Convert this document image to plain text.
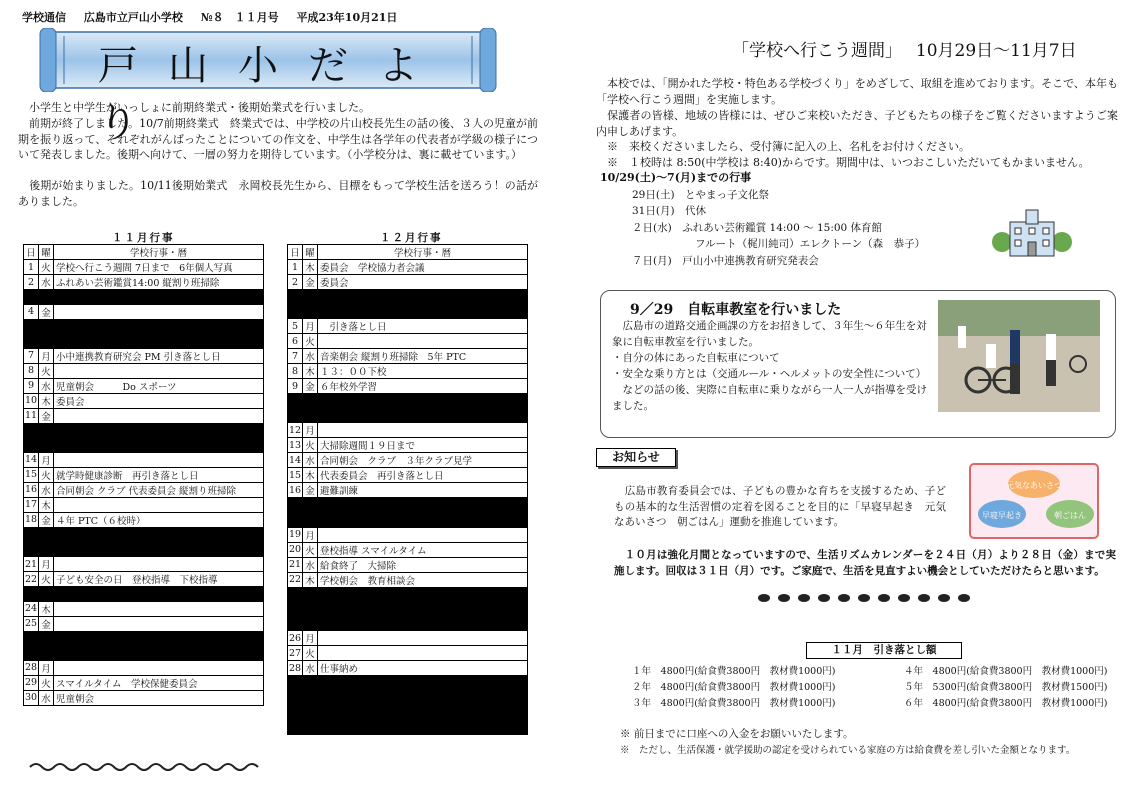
学校通信 広島市立戸山小学校 №８　１１月号 平成23年10月21日
戸山小だより

　小学生と中学生がいっしょに前期終業式・後期始業式を行いました。

　前期が終了しました。10/7前期終業式　終業式では、中学校の片山校長先生の話の後、３人の児童が前期を振り返って、それぞれがんばったことについての作文を、中学生は各学年の代表者が学級の様子について発表しました。後期へ向けて、一層の努力を期待しています。（小学校分は、裏に載せています。）

　後期が始まりました。10/11後期始業式　永岡校長先生から、目標をもって学校生活を送ろう！の話がありました。

１１月行事	１２月行事
日	曜	学校行事・暦
1	火	学校へ行こう週間 7日まで　6年個人写真
2	水	ふれあい芸術鑑賞14:00 縦割り班掃除

4	金	

7	月	小中連携教育研究会 PM 引き落とし日
8	火	
9	水	児童朝会　　　Do スポーツ
10	木	委員会
11	金	

14	月	
15	火	就学時健康診断　再引き落とし日
16	水	合同朝会 クラブ 代表委員会 縦割り班掃除
17	木	
18	金	４年 PTC（６校時）

21	月	
22	火	子ども安全の日　登校指導　下校指導

24	木	
25	金	

28	月	
29	火	スマイルタイム　学校保健委員会
30	水	児童朝会
日	曜	学校行事・暦
1	木	委員会　学校協力者会議
2	金	委員会

5	月	　引き落とし日
6	火	
7	水	音楽朝会 縦割り班掃除　5年 PTC
8	木	１３：００下校
9	金	６年校外学習

12	月	
13	火	大掃除週間１９日まで
14	水	合同朝会　クラブ　３年クラブ見学
15	木	代表委員会　再引き落とし日
16	金	避難訓練

19	月	
20	火	登校指導 スマイルタイム
21	水	給食終了　大掃除
22	木	学校朝会　教育相談会

26	月	
27	火	
28	水	仕事納め

「学校へ行こう週間」　 10月29日～11月7日

　本校では、「開かれた学校・特色ある学校づくり」をめざして、取組を進めております。そこで、本年も「学校へ行こう週間」を実施します。

　保護者の皆様、地域の皆様には、ぜひご来校いただき、子どもたちの様子をご覧くださいますようご案内申しあげます。

　※　来校くださいましたら、受付簿に記入の上、名札をお付けください。

　※　１校時は 8:50(中学校は 8:40)からです。期間中は、いつおこしいただいてもかまいません。

10/29(土)～7(月)までの行事
29日(土)　とやまっ子文化祭
31日(月)　代休
２日(水)　ふれあい芸術鑑賞 14:00 ～ 15:00 体育館
　　　　　　フルート（梶川純司）エレクトーン（森　恭子）
７日(月)　戸山小中連携教育研究発表会
9／29　自転車教室を行いました
　広島市の道路交通企画課の方をお招きして、３年生～６年生を対象に自転車教室を行いました。
・自分の体にあった自転車について
・安全な乗り方とは（交通ルール・ヘルメットの安全性について）
　などの話の後、実際に自転車に乗りながら一人一人が指導を受けました。
お知らせ

　広島市教育委員会では、子どもの豊かな育ちを支援するため、子どもの基本的な生活習慣の定着を図ることを目的に「早寝早起き　元気なあいさつ　朝ごはん」運動を推進しています。

　１０月は強化月間となっていますので、生活リズムカレンダーを２４日（月）より２８日（金）まで実施します。回収は３１日（月）です。ご家庭で、生活を見直すよい機会としていただけたらと思います。

早寝早起き
元気なあいさつ
朝ごはん
１１月　引き落とし額
１年　 4800円(給食費3800円　教材費1000円)
２年　 4800円(給食費3800円　教材費1000円)
３年　 4800円(給食費3800円　教材費1000円)
４年　 4800円(給食費3800円　教材費1000円)
５年　 5300円(給食費3800円　教材費1500円)
６年　 4800円(給食費3800円　教材費1000円)
※ 前日までに口座への入金をお願いいたします。
※　ただし、生活保護・就学援助の認定を受けられている家庭の方は給食費を差し引いた金額となります。
